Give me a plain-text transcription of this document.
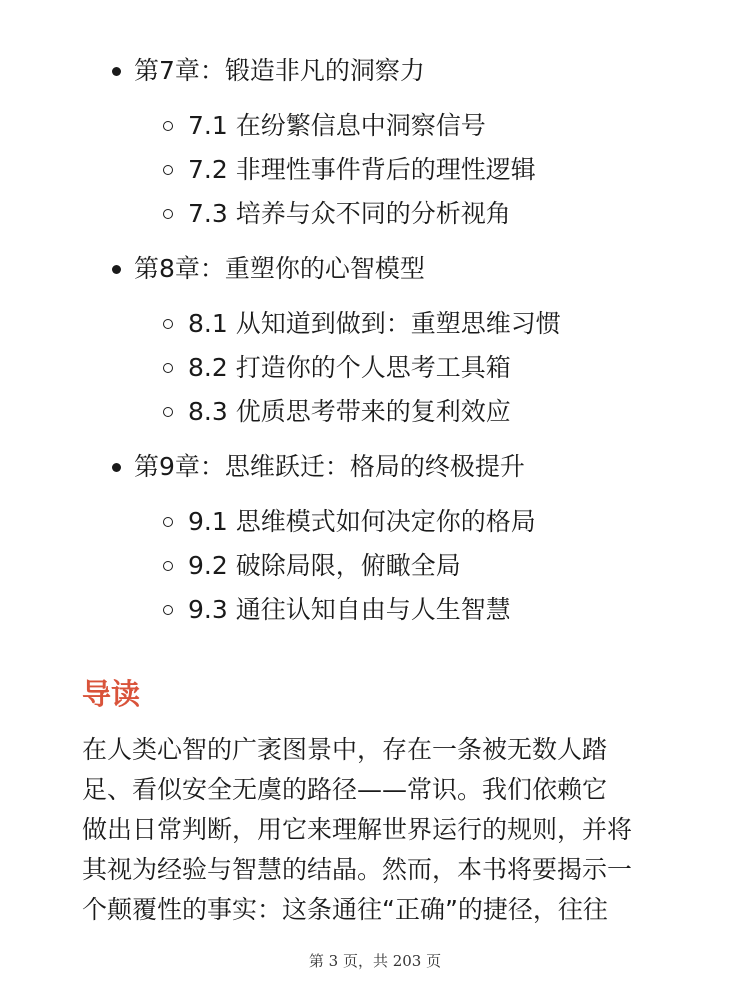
第7章：锻造非凡的洞察力
7.1 在纷繁信息中洞察信号
7.2 非理性事件背后的理性逻辑
7.3 培养与众不同的分析视角
第8章：重塑你的心智模型
8.1 从知道到做到：重塑思维习惯
8.2 打造你的个人思考工具箱
8.3 优质思考带来的复利效应
第9章：思维跃迁：格局的终极提升
9.1 思维模式如何决定你的格局
9.2 破除局限，俯瞰全局
9.3 通往认知自由与人生智慧
导读

在人类心智的广袤图景中，存在一条被无数人踏
足、看似安全无虞的路径——常识。我们依赖它
做出日常判断，用它来理解世界运行的规则，并将
其视为经验与智慧的结晶。然而，本书将要揭示一
个颠覆性的事实：这条通往“正确”的捷径，往往

第 3 页，共 203 页
